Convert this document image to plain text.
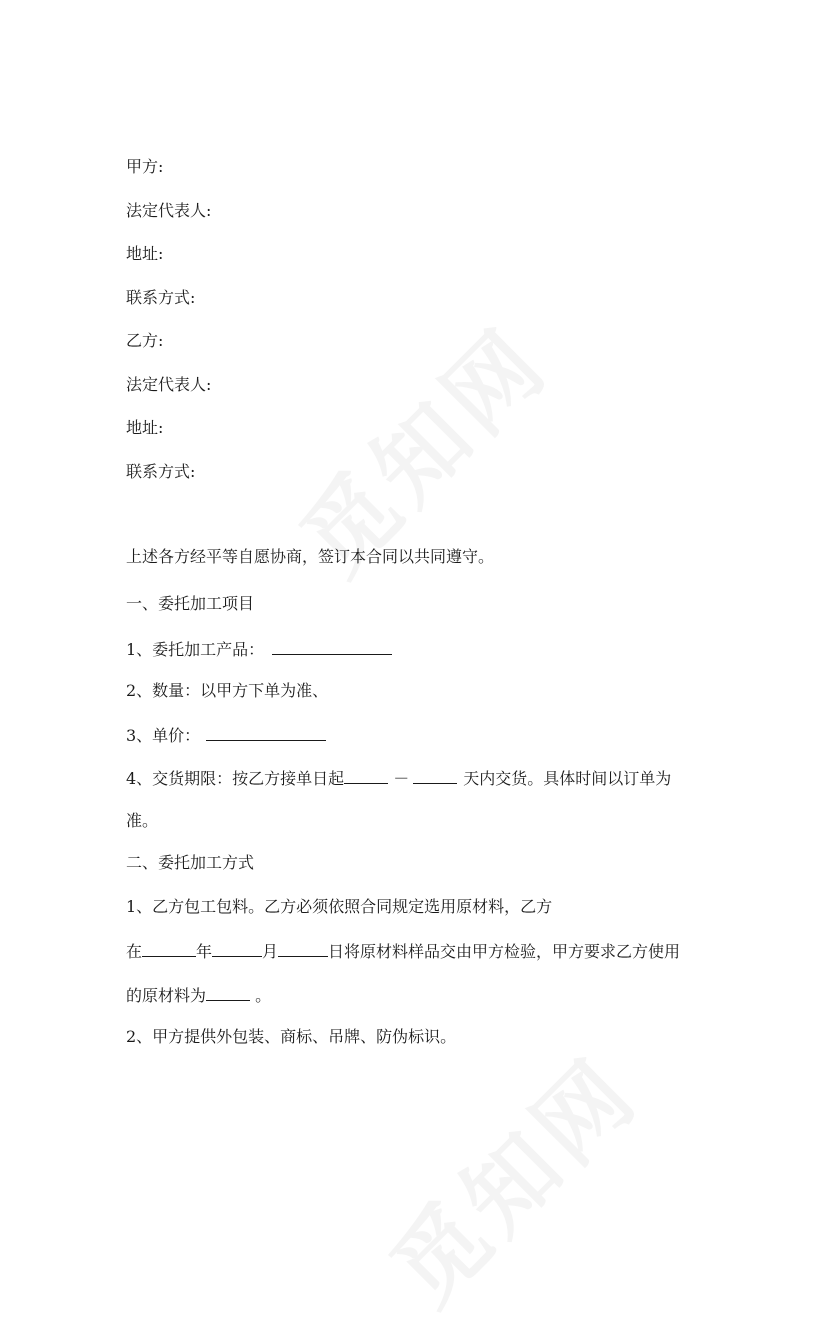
甲方:
法定代表人:
地址:
联系方式:
乙方:
法定代表人:
地址:
联系方式:
上述各方经平等自愿协商，签订本合同以共同遵守。
一、委托加工项目
1、委托加工产品：
2、数量：以甲方下单为准、
3、单价：
4、交货期限：按乙方接单日起	－	天内交货。具体时间以订单为
准。
二、委托加工方式
1、乙方包工包料。乙方必须依照合同规定选用原材料，乙方
在	年	月	日将原材料样品交由甲方检验，甲方要求乙方使用
的原材料为	。
2、甲方提供外包装、商标、吊牌、防伪标识。
